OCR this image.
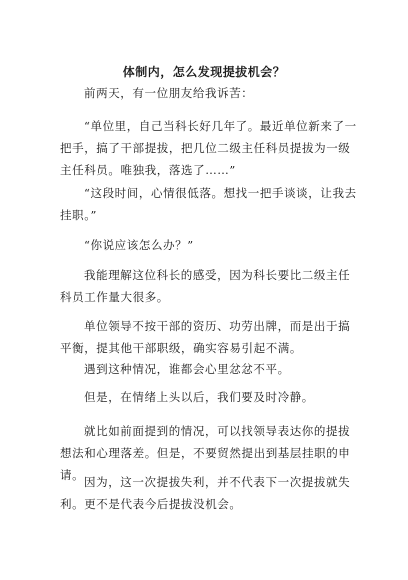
体制内，怎么发现提拔机会？

前两天，有一位朋友给我诉苦：

“单位里，自己当科长好几年了。最近单位新来了一把手，搞了干部提拔，把几位二级主任科员提拔为一级主任科员。唯独我，落选了……”

“这段时间，心情很低落。想找一把手谈谈，让我去挂职。”

“你说应该怎么办？”

我能理解这位科长的感受，因为科长要比二级主任科员工作量大很多。

单位领导不按干部的资历、功劳出牌，而是出于搞平衡，提其他干部职级，确实容易引起不满。

遇到这种情况，谁都会心里忿忿不平。

但是，在情绪上头以后，我们要及时冷静。

就比如前面提到的情况，可以找领导表达你的提拔想法和心理落差。但是，不要贸然提出到基层挂职的申请。 因为，这一次提拔失利，并不代表下一次提拔就失利。更不是代表今后提拔没机会。
